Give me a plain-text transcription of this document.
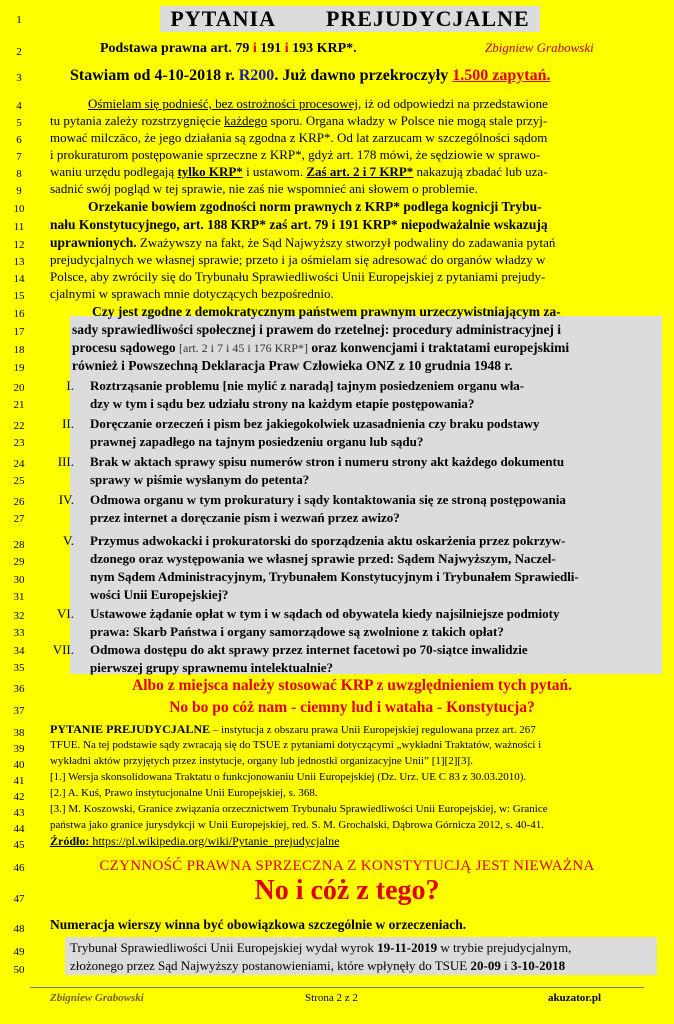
1
2
3
4
5
6
7
8
9
10
11
12
13
14
15
16
17
18
19
20
21
22
23
24
25
26
27
28
29
30
31
32
33
34
35
36
37
38
39
40
41
42
43
44
45
46
47
48
49
50
PYTANIA PREJUDYCJALNE
Podstawa prawna art. 79 i 191 i 193 KRP*.	Zbigniew Grabowski
Stawiam od 4-10-2018 r. R200. Już dawno przekroczyły 1.500 zapytań.
Ośmielam się podnieść, bez ostrożności procesowej, iż od odpowiedzi na przedstawione
tu pytania zależy rozstrzygnięcie każdego sporu. Organa władzy w Polsce nie mogą stale przyj-
mować milczāco, że jego działania są zgodna z KRP*. Od lat zarzucam w szczególności sądom
i prokuraturom postępowanie sprzeczne z KRP*, gdyż art. 178 mówi, że sędziowie w sprawo-
waniu urzędu podlegają tylko KRP* i ustawom. Zaś art. 2 i 7 KRP* nakazują zbadać lub uza-
sadnić swój pogląd w tej sprawie, nie zaś nie wspomnieć ani słowem o problemie.
Orzekanie bowiem zgodności norm prawnych z KRP* podlega kognicji Trybu-
nału Konstytucyjnego, art. 188 KRP* zaś art. 79 i 191 KRP* niepodważalnie wskazują
uprawnionych. Zważywszy na fakt, że Sąd Najwyższy stworzył podwaliny do zadawania pytań
prejudycjalnych we własnej sprawie; przeto i ja ośmielam się adresować do organów władzy w
Polsce, aby zwrócily się do Trybunału Sprawiedliwości Unii Europejskiej z pytaniami prejudy-
cjalnymi w sprawach mnie dotyczących bezpośrednio.
Czy jest zgodne z demokratycznym państwem prawnym urzeczywistniającym za-
sady sprawiedliwości społecznej i prawem do rzetelnej: procedury administracyjnej i
procesu sądowego [art. 2 i 7 i 45 i 176 KRP*] oraz konwencjami i traktatami europejskimi
również i Powszechną Deklaracja Praw Człowieka ONZ z 10 grudnia 1948 r.
I. Roztrząsanie problemu [nie mylić z naradą] tajnym posiedzeniem organu wła-
dzy w tym i sądu bez udziału strony na każdym etapie postępowania?
II. Doręczanie orzeczeń i pism bez jakiegokolwiek uzasadnienia czy braku podstawy
prawnej zapadłego na tajnym posiedzeniu organu lub sądu?
III. Brak w aktach sprawy spisu numerów stron i numeru strony akt każdego dokumentu
sprawy w piśmie wysłanym do petenta?
IV. Odmowa organu w tym prokuratury i sądy kontaktowania się ze stroną postępowania
przez internet a doręczanie pism i wezwań przez awizo?
V. Przymus adwokacki i prokuratorski do sporządzenia aktu oskarżenia przez pokrzyw-
dzonego oraz występowania we własnej sprawie przed: Sądem Najwyższym, Naczel-
nym Sądem Administracyjnym, Trybunałem Konstytucyjnym i Trybunałem Sprawiedli-
wości Unii Europejskiej?
VI. Ustawowe żądanie opłat w tym i w sądach od obywatela kiedy najsilniejsze podmioty
prawa: Skarb Państwa i organy samorządowe są zwolnione z takich opłat?
VII. Odmowa dostępu do akt sprawy przez internet facetowi po 70-siątce inwalidzie
pierwszej grupy sprawnemu intelektualnie?
Albo z miejsca należy stosować KRP z uwzględnieniem tych pytań.
No bo po cóż nam - ciemny lud i wataha - Konstytucja?
PYTANIE PREJUDYCJALNE – instytucja z obszaru prawa Unii Europejskiej regulowana przez art. 267
TFUE. Na tej podstawie sądy zwracają się do TSUE z pytaniami dotyczącymi „wykładni Traktatów, ważności i
wykładni aktów przyjętych przez instytucje, organy lub jednostki organizacyjne Unii” [1][2][3].
[1.] Wersja skonsolidowana Traktatu o funkcjonowaniu Unii Europejskiej (Dz. Urz. UE C 83 z 30.03.2010).
[2.] A. Kuś, Prawo instytucjonalne Unii Europejskiej, s. 368.
[3.] M. Koszowski, Granice związania orzecznictwem Trybunału Sprawiedliwości Unii Europejskiej, w: Granice
państwa jako granice jurysdykcji w Unii Europejskiej, red. S. M. Grochalski, Dąbrowa Górnicza 2012, s. 40-41.
Źródło: https://pl.wikipedia.org/wiki/Pytanie_prejudycjalne
CZYNNOŚĆ PRAWNA SPRZECZNA Z KONSTYTUCJĄ JEST NIEWAŻNA
No i cóż z tego?
Numeracja wierszy winna być obowiązkowa szczególnie w orzeczeniach.
Trybunał Sprawiedliwości Unii Europejskiej wydał wyrok 19-11-2019 w trybie prejudycjalnym,
złożonego przez Sąd Najwyższy postanowieniami, które wpłynęły do TSUE 20-09 i 3-10-2018
Zbigniew Grabowski	Strona 2 z 2	akuzator.pl
